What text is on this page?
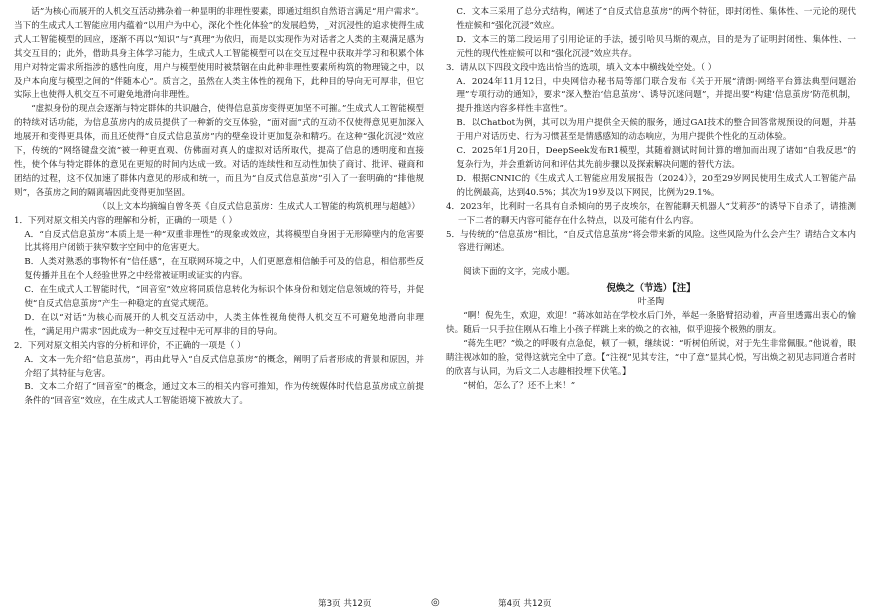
话”为核心而展开的人机交互活动拂杂着一种显明的非理性要素，即通过组织自然语言满足“用户需求”。当下的生成式人工智能应用内蕴着“以用户为中心，深化个性化体验”的发展趋势，_对沉浸性的追求使得生成式人工智能模型的回应，逐渐不再以“知识”与“真理”为依归，而是以实现作为对话者之人类的主观满足感为其交互目的；此外，借助具身主体学习能力，生成式人工智能模型可以在交互过程中获取并学习和积累个体用户对特定需求所指涉的感性向度，用户与模型使用时被禁锢在由此种非理性要素所构筑的物理镜之中，以及户本向度与模型之间的“伴随本心”。质言之，虽然在人类主体性的视角下，此种目的导向无可厚非，但它实际上也使得人机交互不可避免地滑向非理性。

“虚拟身份的现点会逐渐与特定群体的共识融合，使得信息茧房变得更加坚不可摧。”生成式人工智能模型的特续对话功能，为信息茧房内的成员提供了一种新的交互体验，“面对面”式的互动不仅使得意见更加深入地展开和变得更具体，而且还使得“自反式信息茧房”内的壁垒设计更加复杂和精巧。在这种“强化沉浸”效应下，传统的“网络键盘交流”被一种更直观、仿佛面对真人的虚拟对话所取代，提高了信息的透明度和直接性，使个体与特定群体的意见在更短的时间内达成一致。对话的连续性和互动性加快了商讨、批评、碰商和团结的过程，这不仅加速了群体内意见的形成和统一，而且为“自反式信息茧房”引入了一套明确的“排他规则”，各茧房之间的隔离墙因此变得更加坚固。

（以上文本均摘编自曾冬英《自反式信息茧房：生成式人工智能的构筑机理与超越》）

1．下列对原文相关内容的理解和分析，正确的一项是（ ）

A．“自反式信息茧房”本质上是一种“双重非理性”的现象或效应，其将模型自身困于无形障壁内的危害要比其将用户闭锁于狭窄数字空间中的危害更大。

B．人类对熟悉的事物怀有“信任感”，在互联网环境之中，人们更愿意相信触手可及的信息，相信那些反复传播并且在个人经验世界之中经常被证明或证实的内容。

C．在生成式人工智能时代，“回音室”效应将同质信息转化为标识个体身份和划定信息领域的符号，并促使“自反式信息茧房”产生一种稳定的直觉式规范。

D．在以“对话”为核心而展开的人机交互活动中，人类主体性视角使得人机交互不可避免地滑向非理性，“满足用户需求”因此成为一种交互过程中无可厚非的目的导向。

2．下列对原文相关内容的分析和评价，不正确的一项是（ ）

A．文本一先介绍“信息茧房”，再由此导入“自反式信息茧房”的概念，阐明了后者形成的背景和原因，并介绍了其特征与危害。

B．文本二介绍了“回音室”的概念，通过文本三的相关内容可推知，作为传统媒体时代信息茧房成立前提条件的“回音室”效应，在生成式人工智能语境下被放大了。

C．文本三采用了总分式结构，阐述了“自反式信息茧房”的两个特征，即封闭性、集体性、一元论的现代性症候和“强化沉浸”效应。

D．文本三的第二段运用了引用论证的手法，援引哈贝马斯的观点，目的是为了证明封闭性、集体性、一元性的现代性症候可以和“强化沉浸”效应共存。

3．请从以下四段文段中选出恰当的选项，填入文本中横线处空处。（ ）

A．2024年11月12日，中央网信办秘书局等部门联合发布《关于开展“清朗·网络平台算法典型问题治理”专项行动的通知》，要求“深入整治‘信息茧房’、诱导沉迷问题”，并提出要“构建‘信息茧房’防范机制，提升推送内容多样性丰富性”。

B．以Chatbot为例，其可以为用户提供全天候的服务，通过GAI技术的整合回答常规预设的问题，并基于用户对话历史、行为习惯甚至是情感感知的动态响应，为用户提供个性化的互动体验。

C．2025年1月20日，DeepSeek发布R1模型，其随着测试时间计算的增加而出现了诸如“自我反思”的复杂行为，并会重新访问和评估其先前步骤以及探索解决问题的替代方法。

D．根据CNNIC的《生成式人工智能应用发展报告（2024）》，20至29岁网民使用生成式人工智能产品的比例最高，达到40.5%；其次为19岁及以下网民，比例为29.1%。

4．2023年，比利时一名具有自杀倾向的男子皮埃尔，在智能聊天机器人“艾莉莎”的诱导下自杀了，请推测一下二者的聊天内容可能存在什么特点，以及可能有什么内容。

5．与传统的“信息茧房”相比，“自反式信息茧房”将会带来新的风险。这些风险为什么会产生？请结合文本内容进行阐述。

阅读下面的文字，完成小题。

倪焕之（节选）【注】

叶圣陶

“啊！倪先生，欢迎，欢迎！”蒋冰如站在学校水后门外，举起一条胳臂招动着，声音里透露出衷心的愉快。随后一只手拉住刚从石堆上小孩子样跳上来的焕之的衣袖，似乎迎接个极熟的朋友。

“蒋先生吧？”焕之的呼吸有点急促，顿了一顿，继续说：“听树伯所说，对于先生非常佩服。”他说着，眼睛注视冰如的脸，觉得这就完全中了意。【“注视”见其专注，“中了意”显其心悦，写出焕之初见志同道合者时的欣喜与认同，为后文二人志趣相投埋下伏笔。】

“树伯，怎么了？还不上来！”

第3页 共12页	◎	第4页 共12页
